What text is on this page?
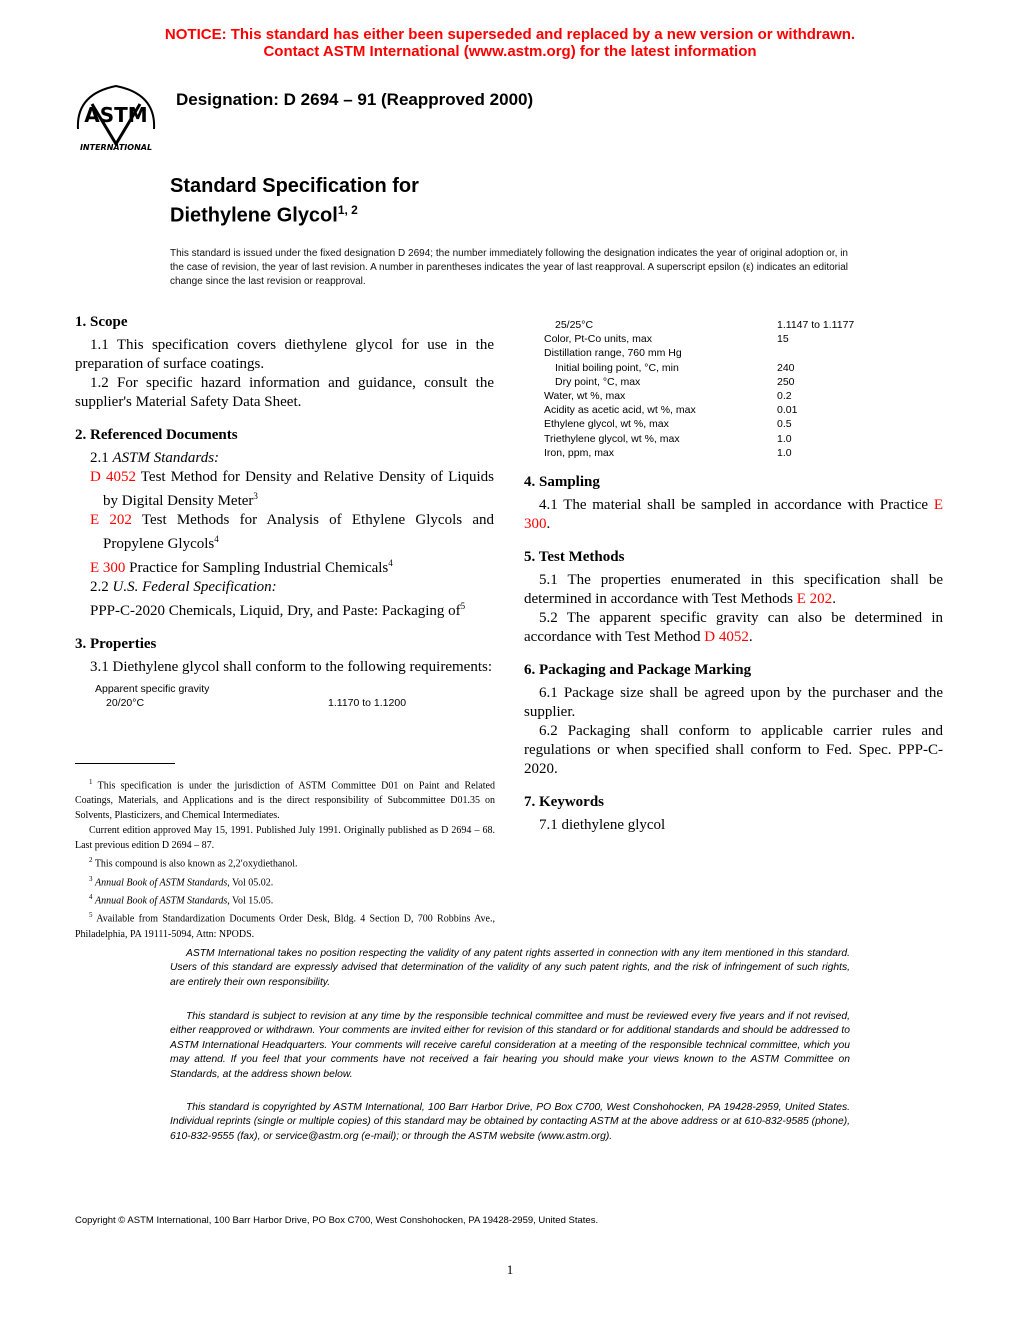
NOTICE: This standard has either been superseded and replaced by a new version or withdrawn.
Contact ASTM International (www.astm.org) for the latest information
ASTM
INTERNATIONAL
Designation: D 2694 – 91 (Reapproved 2000)
Standard Specification for
Diethylene Glycol$^{1, 2}$
This standard is issued under the fixed designation D 2694; the number immediately following the designation indicates the year of original adoption or, in the case of revision, the year of last revision. A number in parentheses indicates the year of last reapproval. A superscript epsilon (ε) indicates an editorial change since the last revision or reapproval.
1. Scope
1.1 This specification covers diethylene glycol for use in the preparation of surface coatings.
1.2 For specific hazard information and guidance, consult the supplier's Material Safety Data Sheet.
2. Referenced Documents
2.1 ASTM Standards:
D 4052 Test Method for Density and Relative Density of Liquids by Digital Density Meter$^3$
E 202 Test Methods for Analysis of Ethylene Glycols and Propylene Glycols$^4$
E 300 Practice for Sampling Industrial Chemicals$^4$
2.2 U.S. Federal Specification:
PPP-C-2020 Chemicals, Liquid, Dry, and Paste: Packaging $of^5$
3. Properties
3.1 Diethylene glycol shall conform to the following requirements:
Apparent specific gravity
20/20°C	1.1170 to 1.1200
$^1$ This specification is under the jurisdiction of ASTM Committee D01 on Paint and Related Coatings, Materials, and Applications and is the direct responsibility of Subcommittee D01.35 on Solvents, Plasticizers, and Chemical Intermediates.
Current edition approved May 15, 1991. Published July 1991. Originally published as D 2694 – 68. Last previous edition D 2694 – 87.
$^2$ This compound is also known as 2,2′oxydiethanol.
$^3$ Annual Book of ASTM Standards, Vol 05.02.
$^4$ Annual Book of ASTM Standards, Vol 15.05.
$^5$ Available from Standardization Documents Order Desk, Bldg. 4 Section D, 700 Robbins Ave., Philadelphia, PA 19111-5094, Attn: NPODS.
25/25°C	1.1147 to 1.1177
Color, Pt-Co units, max	15
Distillation range, 760 mm Hg
Initial boiling point, °C, min	240
Dry point, °C, max	250
Water, wt %, max	0.2
Acidity as acetic acid, wt %, max	0.01
Ethylene glycol, wt %, max	0.5
Triethylene glycol, wt %, max	1.0
Iron, ppm, max	1.0
4. Sampling
4.1 The material shall be sampled in accordance with Practice E 300.
5. Test Methods
5.1 The properties enumerated in this specification shall be determined in accordance with Test Methods E 202.
5.2 The apparent specific gravity can also be determined in accordance with Test Method D 4052.
6. Packaging and Package Marking
6.1 Package size shall be agreed upon by the purchaser and the supplier.
6.2 Packaging shall conform to applicable carrier rules and regulations or when specified shall conform to Fed. Spec. PPP-C-2020.
7. Keywords
7.1 diethylene glycol
ASTM International takes no position respecting the validity of any patent rights asserted in connection with any item mentioned in this standard. Users of this standard are expressly advised that determination of the validity of any such patent rights, and the risk of infringement of such rights, are entirely their own responsibility.
This standard is subject to revision at any time by the responsible technical committee and must be reviewed every five years and if not revised, either reapproved or withdrawn. Your comments are invited either for revision of this standard or for additional standards and should be addressed to ASTM International Headquarters. Your comments will receive careful consideration at a meeting of the responsible technical committee, which you may attend. If you feel that your comments have not received a fair hearing you should make your views known to the ASTM Committee on Standards, at the address shown below.
This standard is copyrighted by ASTM International, 100 Barr Harbor Drive, PO Box C700, West Conshohocken, PA 19428-2959, United States. Individual reprints (single or multiple copies) of this standard may be obtained by contacting ASTM at the above address or at 610-832-9585 (phone), 610-832-9555 (fax), or service@astm.org (e-mail); or through the ASTM website (www.astm.org).
Copyright © ASTM International, 100 Barr Harbor Drive, PO Box C700, West Conshohocken, PA 19428-2959, United States.
1
